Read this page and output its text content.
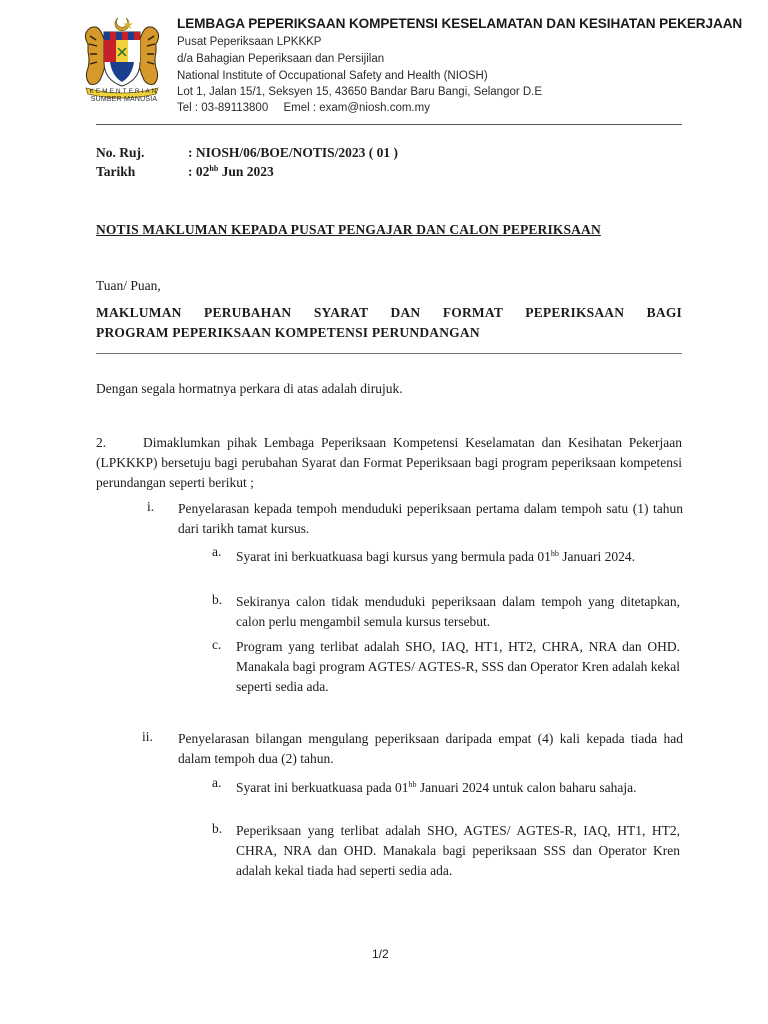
KEMENTERIAN
SUMBER MANUSIA
LEMBAGA PEPERIKSAAN KOMPETENSI KESELAMATAN DAN KESIHATAN PEKERJAAN
Pusat Peperiksaan LPKKKP
d/a Bahagian Peperiksaan dan Persijilan
National Institute of Occupational Safety and Health (NIOSH)
Lot 1, Jalan 15/1, Seksyen 15, 43650 Bandar Baru Bangi, Selangor D.E
Tel : 03-89113800 Emel : exam@niosh.com.my
No. Ruj.	: NIOSH/06/BOE/NOTIS/2023 ( 01 )
Tarikh	: $02^{hb}$ Jun 2023
NOTIS MAKLUMAN KEPADA PUSAT PENGAJAR DAN CALON PEPERIKSAAN
Tuan/ Puan,
MAKLUMAN PERUBAHAN SYARAT DAN FORMAT PEPERIKSAAN BAGI
PROGRAM PEPERIKSAAN KOMPETENSI PERUNDANGAN
Dengan segala hormatnya perkara di atas adalah dirujuk.
2.	Dimaklumkan pihak Lembaga Peperiksaan Kompetensi Keselamatan dan Kesihatan Pekerjaan (LPKKKP) bersetuju bagi perubahan Syarat dan Format Peperiksaan bagi program peperiksaan kompetensi perundangan seperti berikut ;
i. Penyelarasan kepada tempoh menduduki peperiksaan pertama dalam tempoh satu (1) tahun dari tarikh tamat kursus.
a. Syarat ini berkuatkuasa bagi kursus yang bermula pada $01^{hb}$ Januari 2024.
b. Sekiranya calon tidak menduduki peperiksaan dalam tempoh yang ditetapkan, calon perlu mengambil semula kursus tersebut.
c. Program yang terlibat adalah SHO, IAQ, HT1, HT2, CHRA, NRA dan OHD. Manakala bagi program AGTES/ AGTES-R, SSS dan Operator Kren adalah kekal seperti sedia ada.
ii. Penyelarasan bilangan mengulang peperiksaan daripada empat (4) kali kepada tiada had dalam tempoh dua (2) tahun.
a. Syarat ini berkuatkuasa pada $01^{hb}$ Januari 2024 untuk calon baharu sahaja.
b. Peperiksaan yang terlibat adalah SHO, AGTES/ AGTES-R, IAQ, HT1, HT2, CHRA, NRA dan OHD. Manakala bagi peperiksaan SSS dan Operator Kren adalah kekal tiada had seperti sedia ada.
1/2
